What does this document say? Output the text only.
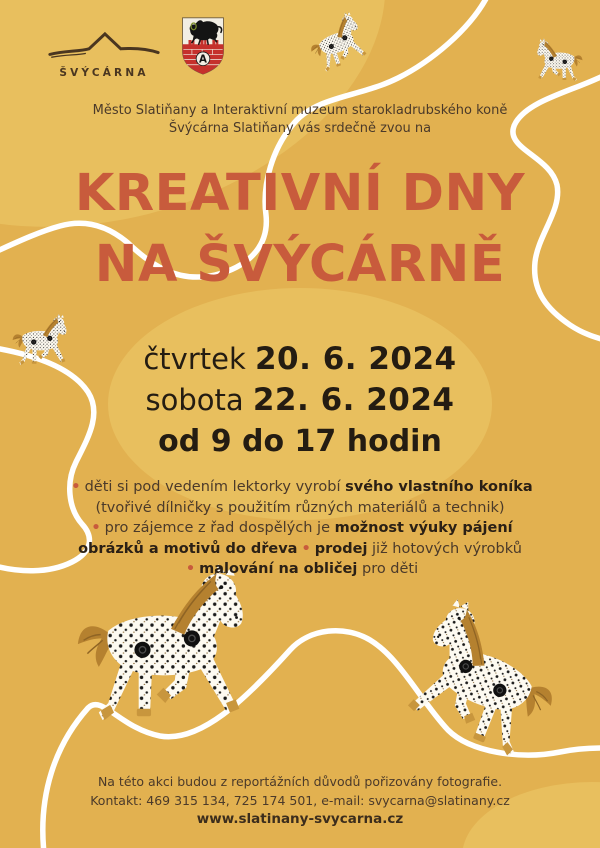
ŠVÝCÁRNA
A
Město Slatiňany a Interaktivní muzeum starokladrubského koně
Švýcárna Slatiňany vás srdečně zvou na
KREATIVNÍ DNY
NA ŠVÝCÁRNĚ
čtvrtek 20. 6. 2024
sobota 22. 6. 2024
od 9 do 17 hodin
• děti si pod vedením lektorky vyrobí svého vlastního koníka
(tvořivé dílničky s použitím různých materiálů a technik)
• pro zájemce z řad dospělých je možnost výuky pájení
obrázků a motivů do dřeva • prodej již hotových výrobků
• malování na obličej pro děti
Na této akci budou z reportážních důvodů pořizovány fotografie.
Kontakt: 469 315 134, 725 174 501, e-mail: svycarna@slatinany.cz
www.slatinany-svycarna.cz
